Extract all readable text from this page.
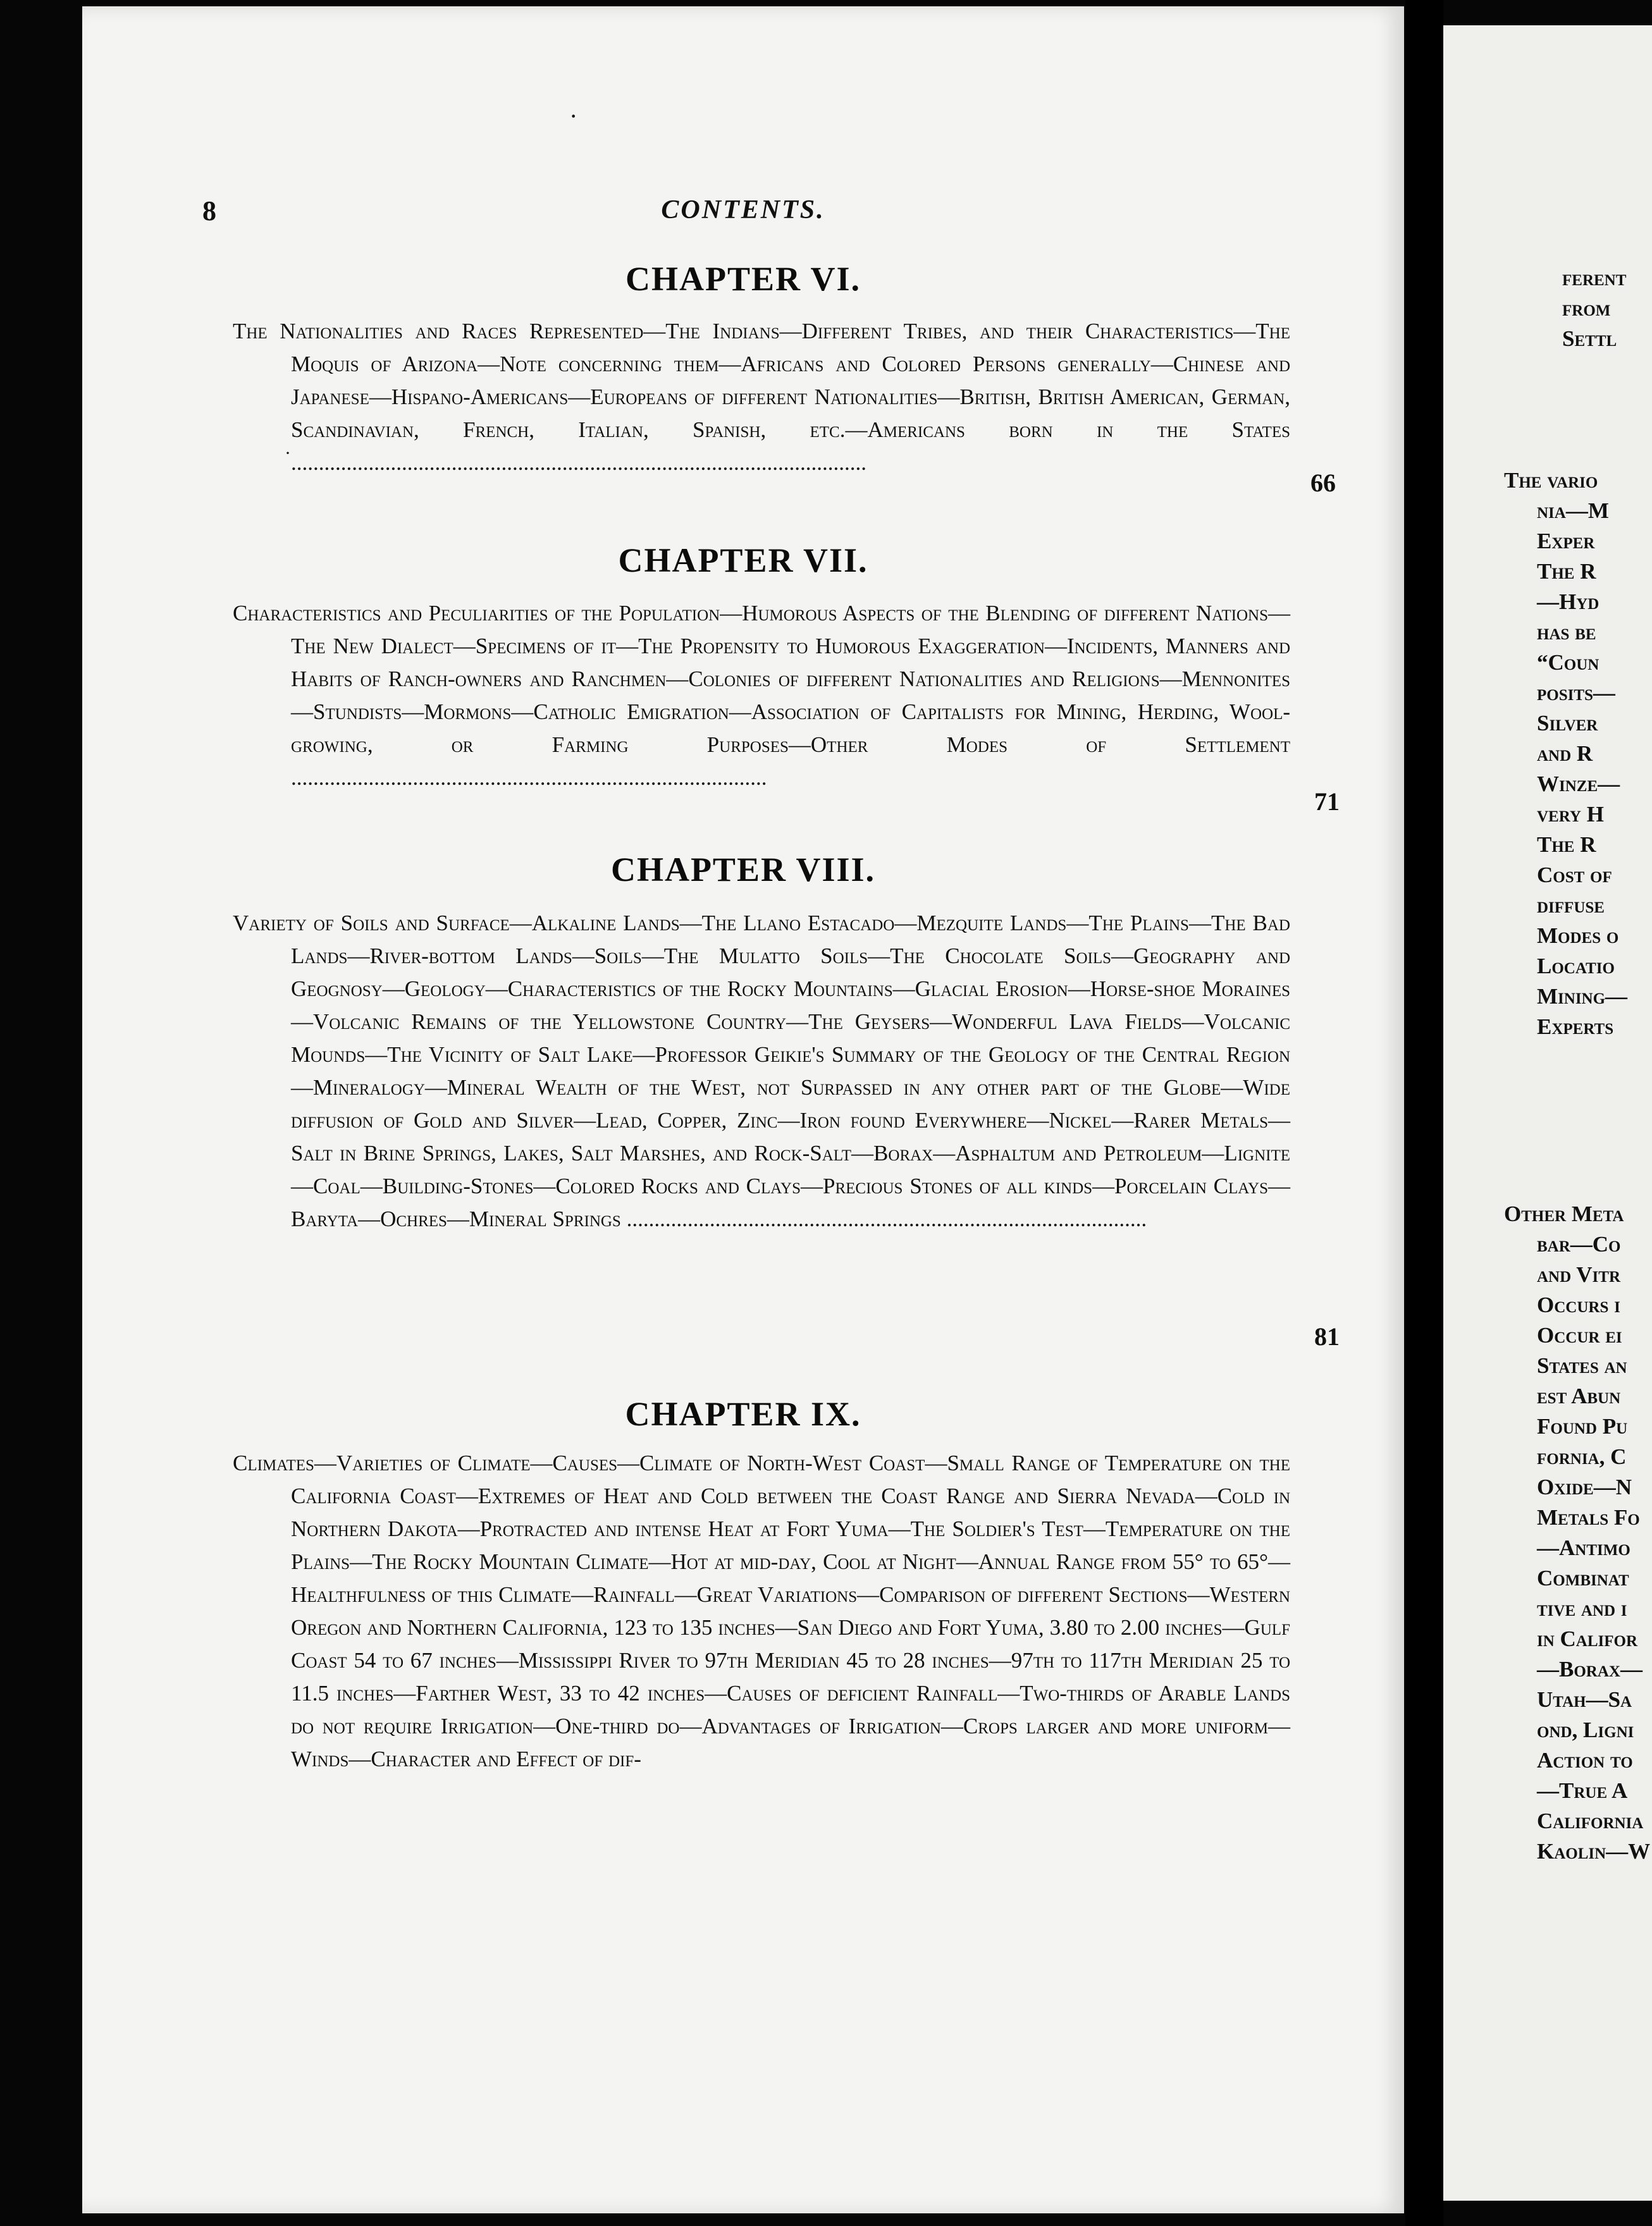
8	CONTENTS.
·
·
CHAPTER VI.
The Nationalities and Races Represented—The Indians—Different Tribes, and their Characteristics—The Moquis of Arizona—Note concerning them—Africans and Colored Persons generally—Chinese and Japanese—Hispano-Americans—Europeans of different Nationalities—British, British American, German, Scandinavian, French, Italian, Spanish, etc.—Americans born in the States ........................................................................................................
66
CHAPTER VII.
Characteristics and Peculiarities of the Population—Humorous Aspects of the Blending of different Nations—The New Dialect—Specimens of it—The Propensity to Humorous Exaggeration—Incidents, Manners and Habits of Ranch-owners and Ranchmen—Colonies of different Nationalities and Religions—Mennonites—Stundists—Mormons—Catholic Emigration—Association of Capitalists for Mining, Herding, Wool-growing, or Farming Purposes—Other Modes of Settlement ......................................................................................
71
CHAPTER VIII.
Variety of Soils and Surface—Alkaline Lands—The Llano Estacado—Mezquite Lands—The Plains—The Bad Lands—River-bottom Lands—Soils—The Mulatto Soils—The Chocolate Soils—Geography and Geognosy—Geology—Characteristics of the Rocky Mountains—Glacial Erosion—Horse-shoe Moraines—Volcanic Remains of the Yellowstone Country—The Geysers—Wonderful Lava Fields—Volcanic Mounds—The Vicinity of Salt Lake—Professor Geikie's Summary of the Geology of the Central Region—Mineralogy—Mineral Wealth of the West, not Surpassed in any other part of the Globe—Wide diffusion of Gold and Silver—Lead, Copper, Zinc—Iron found Everywhere—Nickel—Rarer Metals—Salt in Brine Springs, Lakes, Salt Marshes, and Rock-Salt—Borax—Asphaltum and Petroleum—Lignite—Coal—Building-Stones—Colored Rocks and Clays—Precious Stones of all kinds—Porcelain Clays—Baryta—Ochres—Mineral Springs ..............................................................................................
81
CHAPTER IX.
Climates—Varieties of Climate—Causes—Climate of North-West Coast—Small Range of Temperature on the California Coast—Extremes of Heat and Cold between the Coast Range and Sierra Nevada—Cold in Northern Dakota—Protracted and intense Heat at Fort Yuma—The Soldier's Test—Temperature on the Plains—The Rocky Mountain Climate—Hot at mid-day, Cool at Night—Annual Range from 55° to 65°—Healthfulness of this Climate—Rainfall—Great Variations—Comparison of different Sections—Western Oregon and Northern California, 123 to 135 inches—San Diego and Fort Yuma, 3.80 to 2.00 inches—Gulf Coast 54 to 67 inches—Mississippi River to 97th Meridian 45 to 28 inches—97th to 117th Meridian 25 to 11.5 inches—Farther West, 33 to 42 inches—Causes of deficient Rainfall—Two-thirds of Arable Lands do not require Irrigation—One-third do—Advantages of Irrigation—Crops larger and more uniform—Winds—Character and Effect of dif-
ferent
from
Settl
The vario
nia—M
Exper
The R
—Hyd
has be
“Coun
posits—
Silver
and R
Winze—
very H
The R
Cost of
diffuse
Modes o
Locatio
Mining—
Experts
Other Meta
bar—Co
and Vitr
Occurs i
Occur ei
States an
est Abun
Found Pu
fornia, C
Oxide—N
Metals Fo
—Antimo
Combinat
tive and i
in Califor
—Borax—
Utah—Sa
ond, Ligni
Action to
—True A
California
Kaolin—W
